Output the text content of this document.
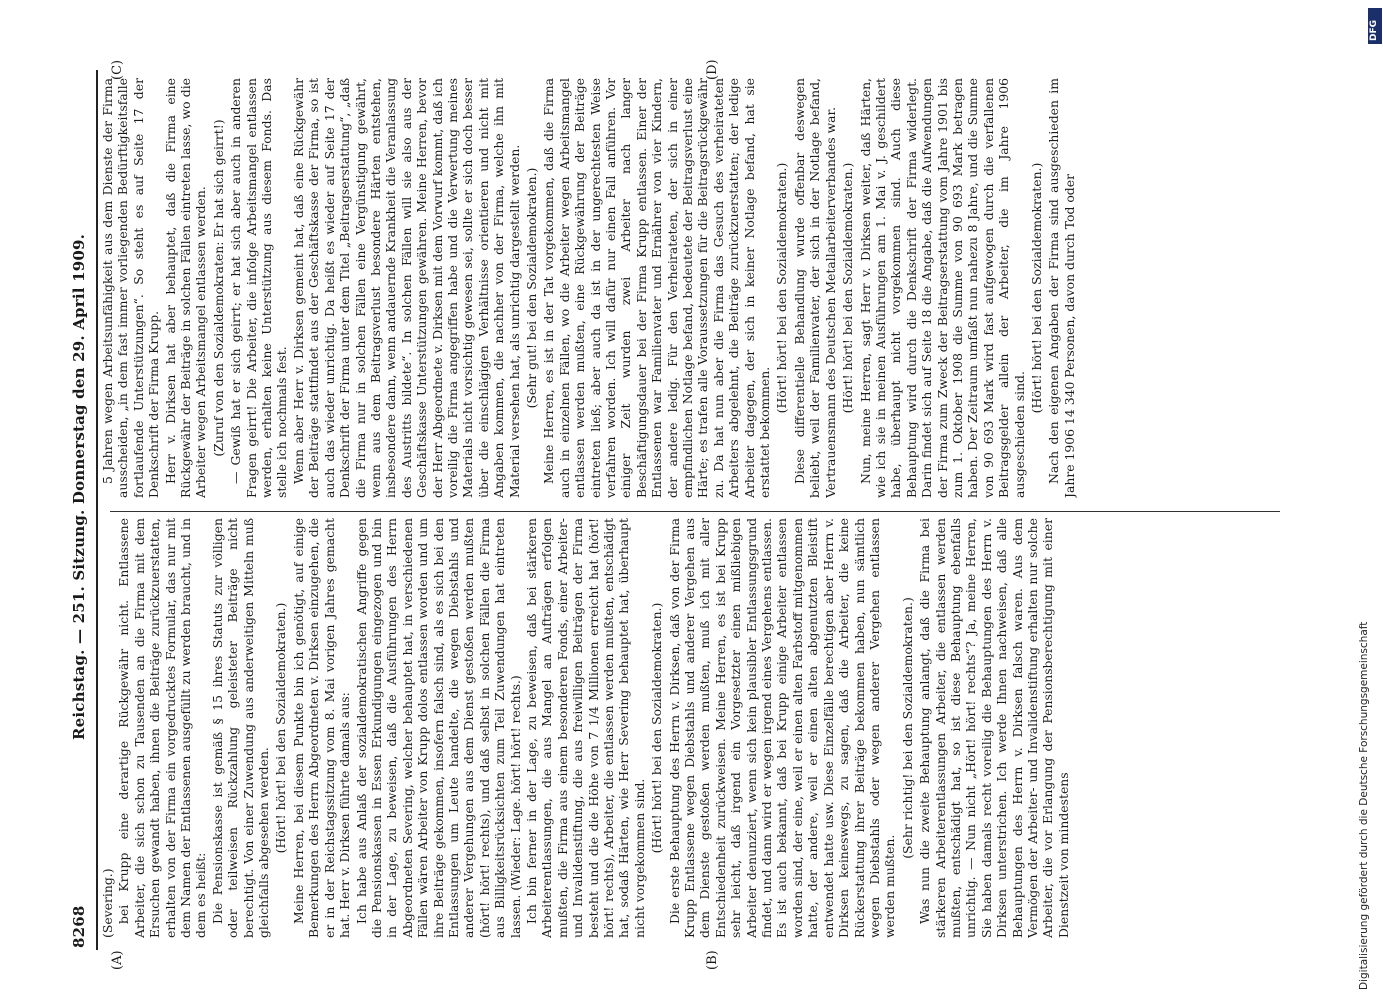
8268
Reichstag. — 251. Sitzung. Donnerstag den 29. April 1909.
(A)	(B)
(C)	(D)

(Severing.) bei Krupp eine derartige Rückgewähr nicht. Entlassene Arbeiter, die sich schon zu Tausenden an die Firma mit dem Ersuchen gewandt haben, ihnen die Beiträge zurückzuerstatten, erhalten von der Firma ein vorgedrucktes Formular, das nur mit dem Namen der Entlassenen ausgefüllt zu werden braucht, und in dem es heißt: Die Pensionskasse ist gemäß § 15 ihres Statuts zur völligen oder teilweisen Rückzahlung geleisteter Beiträge nicht berechtigt. Von einer Zuwendung aus anderweitigen Mitteln muß gleichfalls abgesehen werden. (Hört! hört! bei den Sozialdemokraten.) Meine Herren, bei diesem Punkte bin ich genötigt, auf einige Bemerkungen des Herrn Abgeordneten v. Dirksen einzugehen, die er in der Reichstagssitzung vom 8. Mai vorigen Jahres gemacht hat. Herr v. Dirksen führte damals aus: Ich habe aus Anlaß der sozialdemokratischen Angriffe gegen die Pensionskassen in Essen Erkundigungen eingezogen und bin in der Lage, zu beweisen, daß die Ausführungen des Herrn Abgeordneten Severing, welcher behauptet hat, in verschiedenen Fällen wären Arbeiter von Krupp dolos entlassen worden und um ihre Beiträge gekommen, insofern falsch sind, als es sich bei den Entlassungen um Leute handelte, die wegen Diebstahls und anderer Vergehungen aus dem Dienst gestoßen werden mußten (hört! hört! rechts), und daß selbst in solchen Fällen die Firma aus Billigkeitsrücksichten zum Teil Zuwendungen hat eintreten lassen. (Wieder: Lage. hört! hört! rechts.) Ich bin ferner in der Lage, zu beweisen, daß bei stärkeren Arbeiterentlassungen, die aus Mangel an Aufträgen erfolgen mußten, die Firma aus einem besonderen Fonds, einer Arbeiter- und Invalidenstiftung, die aus freiwilligen Beiträgen der Firma besteht und die die Höhe von 7 1/4 Millionen erreicht hat (hört! hört! rechts), Arbeiter, die entlassen werden mußten, entschädigt hat, sodaß Härten, wie Herr Severing behauptet hat, überhaupt nicht vorgekommen sind.

(Hört! hört! bei den Sozialdemokraten.) Die erste Behauptung des Herrn v. Dirksen, daß von der Firma Krupp Entlassene wegen Diebstahls und anderer Vergehen aus dem Dienste gestoßen werden mußten, muß ich mit aller Entschiedenheit zurückweisen. Meine Herren, es ist bei Krupp sehr leicht, daß irgend ein Vorgesetzter einen mißliebigen Arbeiter denunziert, wenn sich kein plausibler Entlassungsgrund findet, und dann wird er wegen irgend eines Vergehens entlassen. Es ist auch bekannt, daß bei Krupp einige Arbeiter entlassen worden sind, der eine, weil er einen alten Farbstoff mitgenommen hatte, der andere, weil er einen alten abgenutzten Bleistift entwendet hatte usw. Diese Einzelfälle berechtigen aber Herrn v. Dirksen keineswegs, zu sagen, daß die Arbeiter, die keine Rückerstattung ihrer Beiträge bekommen haben, nun sämtlich wegen Diebstahls oder wegen anderer Vergehen entlassen werden mußten.

(Sehr richtig! bei den Sozialdemokraten.) Was nun die zweite Behauptung anlangt, daß die Firma bei stärkeren Arbeiterentlassungen Arbeiter, die entlassen werden mußten, entschädigt hat, so ist diese Behauptung ebenfalls unrichtig. — Nun nicht „Hört! hört! rechts“? Ja, meine Herren, Sie haben damals recht voreilig die Behauptungen des Herrn v. Dirksen unterstrichen. Ich werde Ihnen nachweisen, daß alle Behauptungen des Herrn v. Dirksen falsch waren. Aus dem Vermögen der Arbeiter- und Invalidenstiftung erhalten nur solche Arbeiter, die vor Erlangung der Pensionsberechtigung mit einer Dienstzeit von mindestens

5 Jahren wegen Arbeitsunfähigkeit aus dem Dienste der Firma ausscheiden, „in dem fast immer vorliegenden Bedürftigkeitsfalle fortlaufende Unterstützungen“. So steht es auf Seite 17 der Denkschrift der Firma Krupp. Herr v. Dirksen hat aber behauptet, daß die Firma eine Rückgewähr der Beiträge in solchen Fällen eintreten lasse, wo die Arbeiter wegen Arbeitsmangel entlassen werden. (Zuruf von den Sozialdemokraten: Er hat sich geirrt!) — Gewiß hat er sich geirrt; er hat sich aber auch in anderen Fragen geirrt! Die Arbeiter, die infolge Arbeitsmangel entlassen werden, erhalten keine Unterstützung aus diesem Fonds. Das stelle ich nochmals fest. Wenn aber Herr v. Dirksen gemeint hat, daß eine Rückgewähr der Beiträge stattfindet aus der Geschäftskasse der Firma, so ist auch das wieder unrichtig. Da heißt es wieder auf Seite 17 der Denkschrift der Firma unter dem Titel „Beitragserstattung“, „daß die Firma nur in solchen Fällen eine Vergünstigung gewährt, wenn aus dem Beitragsverlust besondere Härten entstehen, insbesondere dann, wenn andauernde Krankheit die Veranlassung des Austritts bildete“. In solchen Fällen will sie also aus der Geschäftskasse Unterstützungen gewähren. Meine Herren, bevor der Herr Abgeordnete v. Dirksen mit dem Vorwurf kommt, daß ich voreilig die Firma angegriffen habe und die Verwertung meines Materials nicht vorsichtig gewesen sei, sollte er sich doch besser über die einschlägigen Verhältnisse orientieren und nicht mit Angaben kommen, die nachher von der Firma, welche ihn mit Material versehen hat, als unrichtig dargestellt werden. (Sehr gut! bei den Sozialdemokraten.) Meine Herren, es ist in der Tat vorgekommen, daß die Firma auch in einzelnen Fällen, wo die Arbeiter wegen Arbeitsmangel entlassen werden mußten, eine Rückgewährung der Beiträge eintreten ließ; aber auch da ist in der ungerechtesten Weise verfahren worden. Ich will dafür nur einen Fall anführen. Vor einiger Zeit wurden zwei Arbeiter nach langer Beschäftigungsdauer bei der Firma Krupp entlassen. Einer der Entlassenen war Familienvater und Ernährer von vier Kindern, der andere ledig. Für den Verheirateten, der sich in einer empfindlichen Notlage befand, bedeutete der Beitragsverlust eine Härte; es trafen alle Voraussetzungen für die Beitragsrückgewähr zu. Da hat nun aber die Firma das Gesuch des verheirateten Arbeiters abgelehnt, die Beiträge zurückzuerstatten; der ledige Arbeiter dagegen, der sich in keiner Notlage befand, hat sie erstattet bekommen.

(Hört! hört! bei den Sozialdemokraten.) Diese differentielle Behandlung wurde offenbar deswegen beliebt, weil der Familienvater, der sich in der Notlage befand, Vertrauensmann des Deutschen Metallarbeiterverbandes war. (Hört! hört! bei den Sozialdemokraten.) Nun, meine Herren, sagt Herr v. Dirksen weiter, daß Härten, wie ich sie in meinen Ausführungen am 1. Mai v. J. geschildert habe, überhaupt nicht vorgekommen sind. Auch diese Behauptung wird durch die Denkschrift der Firma widerlegt. Darin findet sich auf Seite 18 die Angabe, daß die Aufwendungen der Firma zum Zweck der Beitragserstattung vom Jahre 1901 bis zum 1. Oktober 1908 die Summe von 90 693 Mark betragen haben. Der Zeitraum umfaßt nun nahezu 8 Jahre, und die Summe von 90 693 Mark wird fast aufgewogen durch die verfallenen Beitragsgelder allein der Arbeiter, die im Jahre 1906 ausgeschieden sind.

(Hört! hört! bei den Sozialdemokraten.) Nach den eigenen Angaben der Firma sind ausgeschieden im Jahre 1906 14 340 Personen, davon durch Tod oder

Digitalisierung gefördert durch die Deutsche Forschungsgemeinschaft
DFG
